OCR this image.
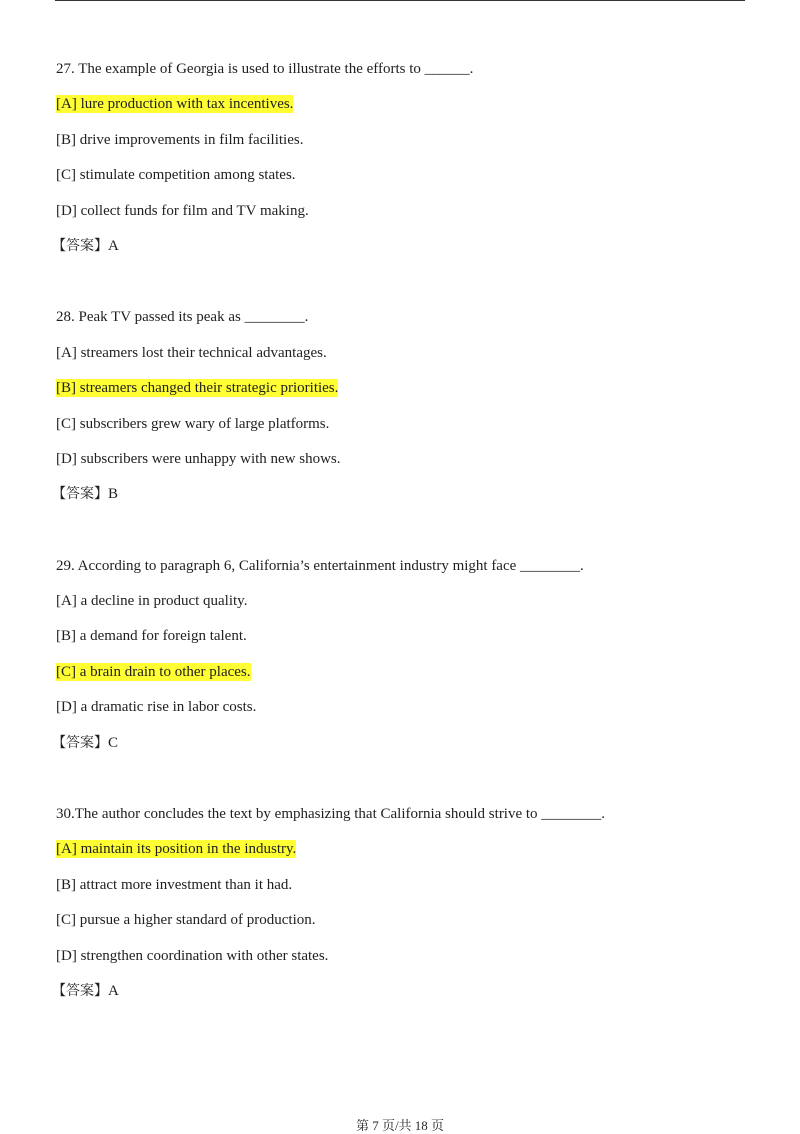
27. The example of Georgia is used to illustrate the efforts to ______.
[A] lure production with tax incentives.
[B] drive improvements in film facilities.
[C] stimulate competition among states.
[D] collect funds for film and TV making.
【答案】A
28. Peak TV passed its peak as ________.
[A] streamers lost their technical advantages.
[B] streamers changed their strategic priorities.
[C] subscribers grew wary of large platforms.
[D] subscribers were unhappy with new shows.
【答案】B
29. According to paragraph 6, California’s entertainment industry might face ________.
[A] a decline in product quality.
[B] a demand for foreign talent.
[C] a brain drain to other places.
[D] a dramatic rise in labor costs.
【答案】C
30.The author concludes the text by emphasizing that California should strive to ________.
[A] maintain its position in the industry.
[B] attract more investment than it had.
[C] pursue a higher standard of production.
[D] strengthen coordination with other states.
【答案】A
第 7 页/共 18 页
